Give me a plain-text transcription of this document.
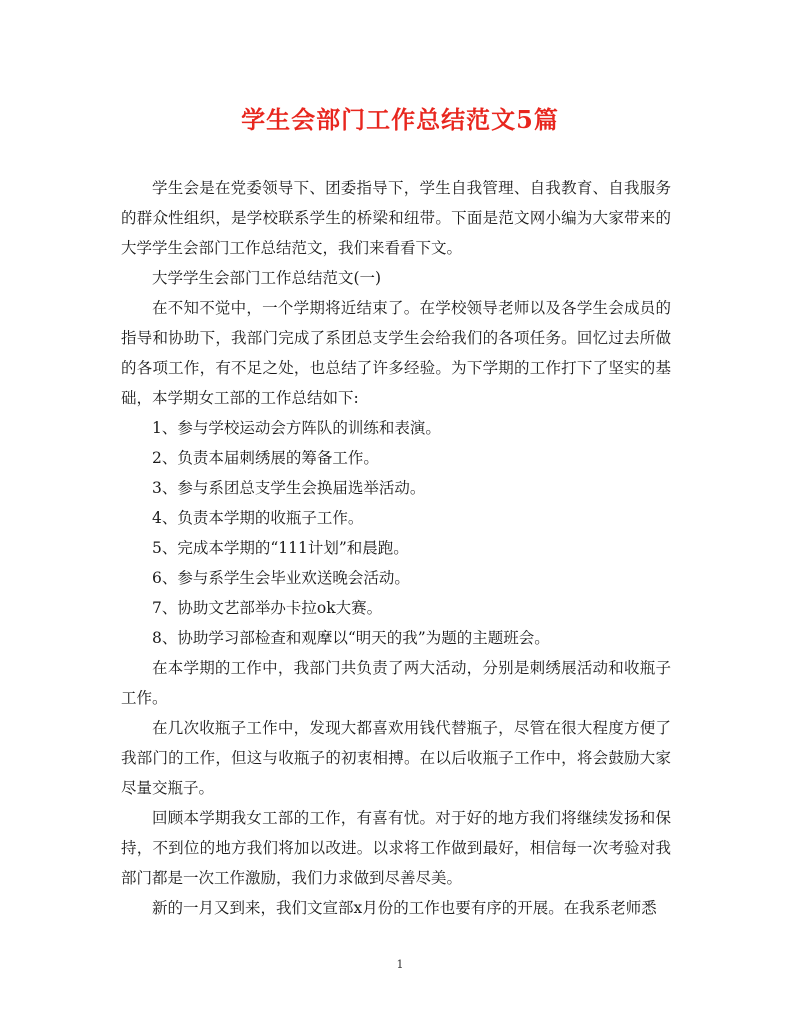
学生会部门工作总结范文5篇

学生会是在党委领导下、团委指导下，学生自我管理、自我教育、自我服务的群众性组织，是学校联系学生的桥梁和纽带。下面是范文网小编为大家带来的大学学生会部门工作总结范文，我们来看看下文。

大学学生会部门工作总结范文(一)

在不知不觉中，一个学期将近结束了。在学校领导老师以及各学生会成员的指导和协助下，我部门完成了系团总支学生会给我们的各项任务。回忆过去所做的各项工作，有不足之处，也总结了许多经验。为下学期的工作打下了坚实的基础，本学期女工部的工作总结如下:

1、参与学校运动会方阵队的训练和表演。

2、负责本届刺绣展的筹备工作。

3、参与系团总支学生会换届选举活动。

4、负责本学期的收瓶子工作。

5、完成本学期的“111计划”和晨跑。

6、参与系学生会毕业欢送晚会活动。

7、协助文艺部举办卡拉ok大赛。

8、协助学习部检查和观摩以“明天的我”为题的主题班会。

在本学期的工作中，我部门共负责了两大活动，分别是刺绣展活动和收瓶子工作。

在几次收瓶子工作中，发现大都喜欢用钱代替瓶子，尽管在很大程度方便了我部门的工作，但这与收瓶子的初衷相搏。在以后收瓶子工作中，将会鼓励大家尽量交瓶子。

回顾本学期我女工部的工作，有喜有忧。对于好的地方我们将继续发扬和保持，不到位的地方我们将加以改进。以求将工作做到最好，相信每一次考验对我部门都是一次工作激励，我们力求做到尽善尽美。

新的一月又到来，我们文宣部x月份的工作也要有序的开展。在我系老师悉

1
